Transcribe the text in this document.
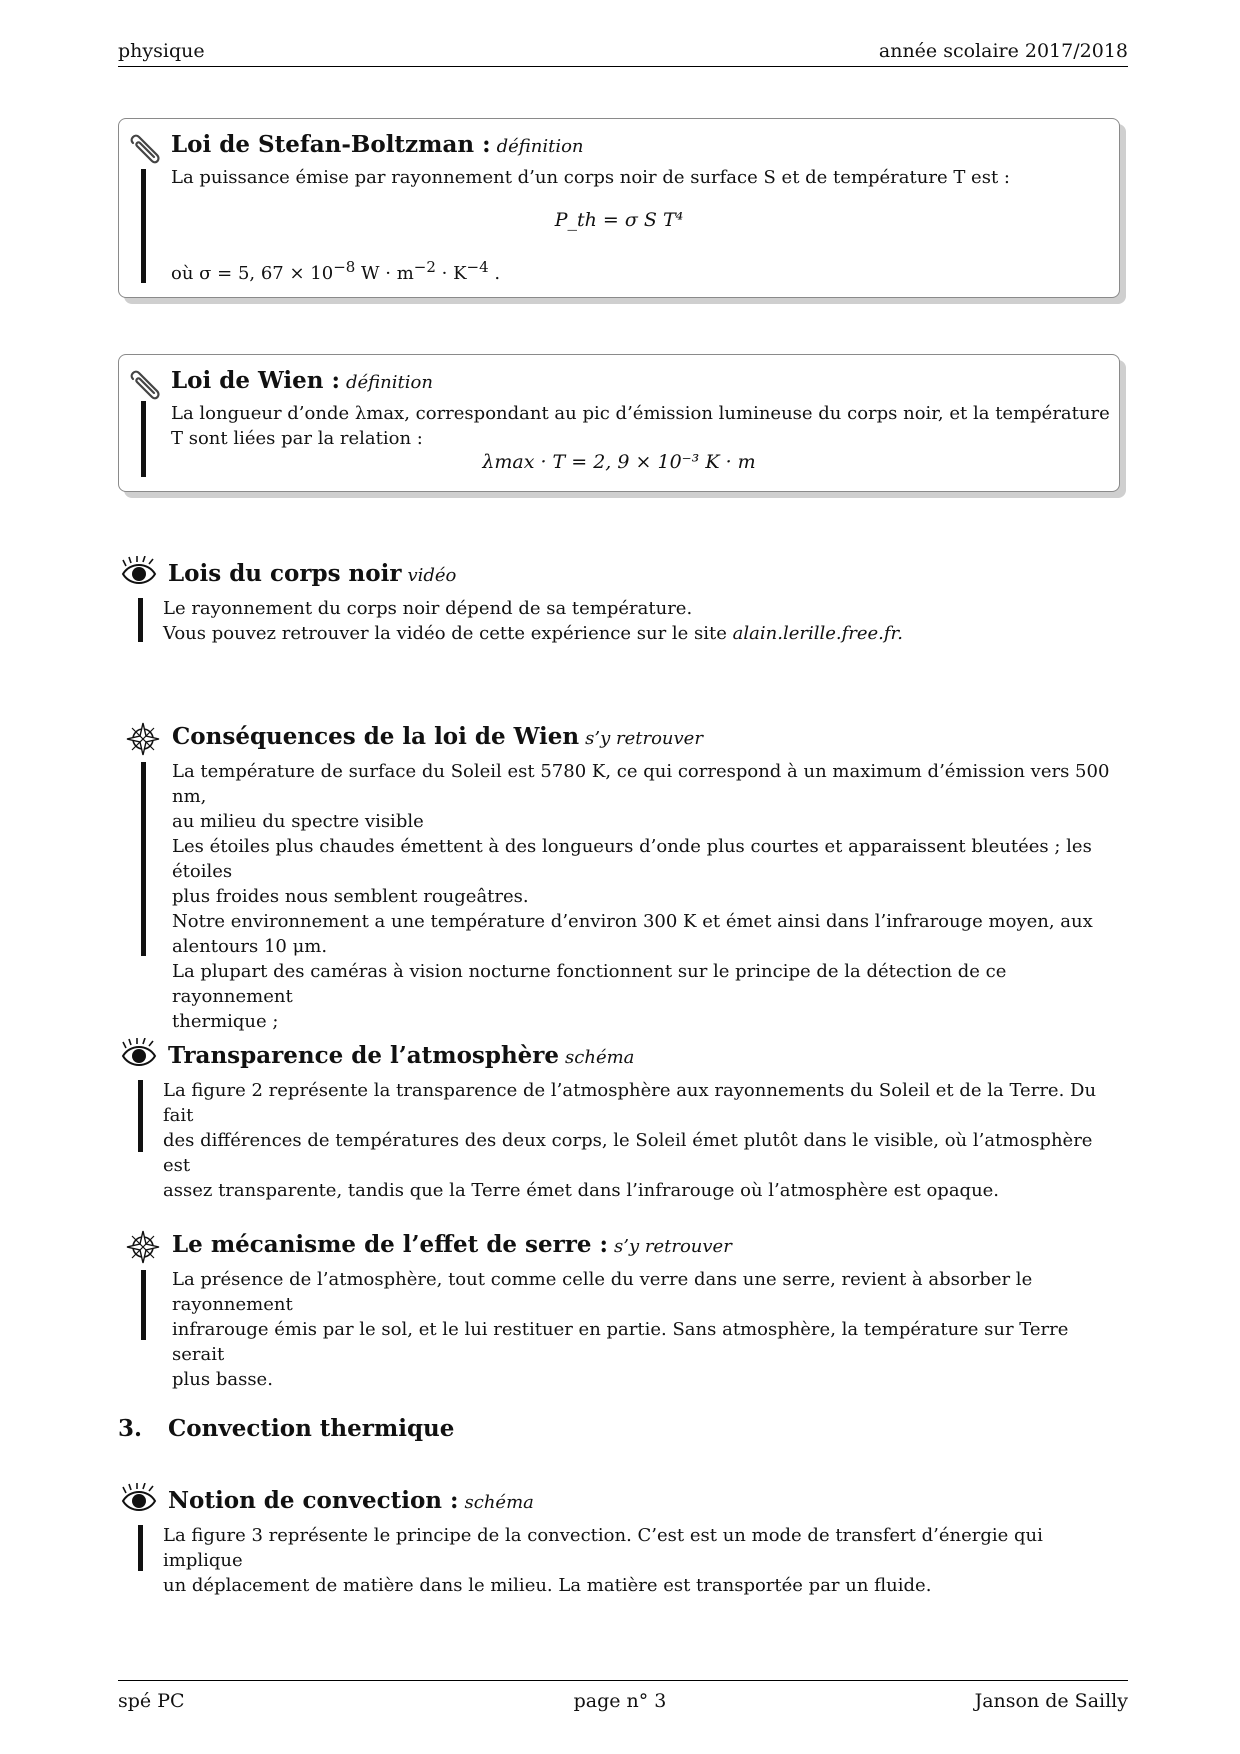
physique	année scolaire 2017/2018
Loi de Stefan-Boltzman : définition
La puissance émise par rayonnement d’un corps noir de surface S et de température T est :
P_th = σ S T⁴
où σ = 5, $67 \times 10^{-8}$ $W \cdot m^{-2} \cdot K^{-4}$ .
Loi de Wien : définition

La longueur d’onde λmax, correspondant au pic d’émission lumineuse du corps noir, et la température

T sont liées par la relation :

λmax · T = 2, 9 × 10⁻³ K · m
Lois du corps noir vidéo

Le rayonnement du corps noir dépend de sa température.

Vous pouvez retrouver la vidéo de cette expérience sur le site alain.lerille.free.fr.

Conséquences de la loi de Wien s’y retrouver

La température de surface du Soleil est 5780 K, ce qui correspond à un maximum d’émission vers 500 nm,

au milieu du spectre visible

Les étoiles plus chaudes émettent à des longueurs d’onde plus courtes et apparaissent bleutées ; les étoiles

plus froides nous semblent rougeâtres.

Notre environnement a une température d’environ 300 K et émet ainsi dans l’infrarouge moyen, aux

alentours 10 μm.

La plupart des caméras à vision nocturne fonctionnent sur le principe de la détection de ce rayonnement

thermique ;

Transparence de l’atmosphère schéma

La figure 2 représente la transparence de l’atmosphère aux rayonnements du Soleil et de la Terre. Du fait

des différences de températures des deux corps, le Soleil émet plutôt dans le visible, où l’atmosphère est

assez transparente, tandis que la Terre émet dans l’infrarouge où l’atmosphère est opaque.

Le mécanisme de l’effet de serre : s’y retrouver

La présence de l’atmosphère, tout comme celle du verre dans une serre, revient à absorber le rayonnement

infrarouge émis par le sol, et le lui restituer en partie. Sans atmosphère, la température sur Terre serait

plus basse.

3. Convection thermique
Notion de convection : schéma

La figure 3 représente le principe de la convection. C’est est un mode de transfert d’énergie qui implique

un déplacement de matière dans le milieu. La matière est transportée par un fluide.

spé PC	page n° 3	Janson de Sailly
